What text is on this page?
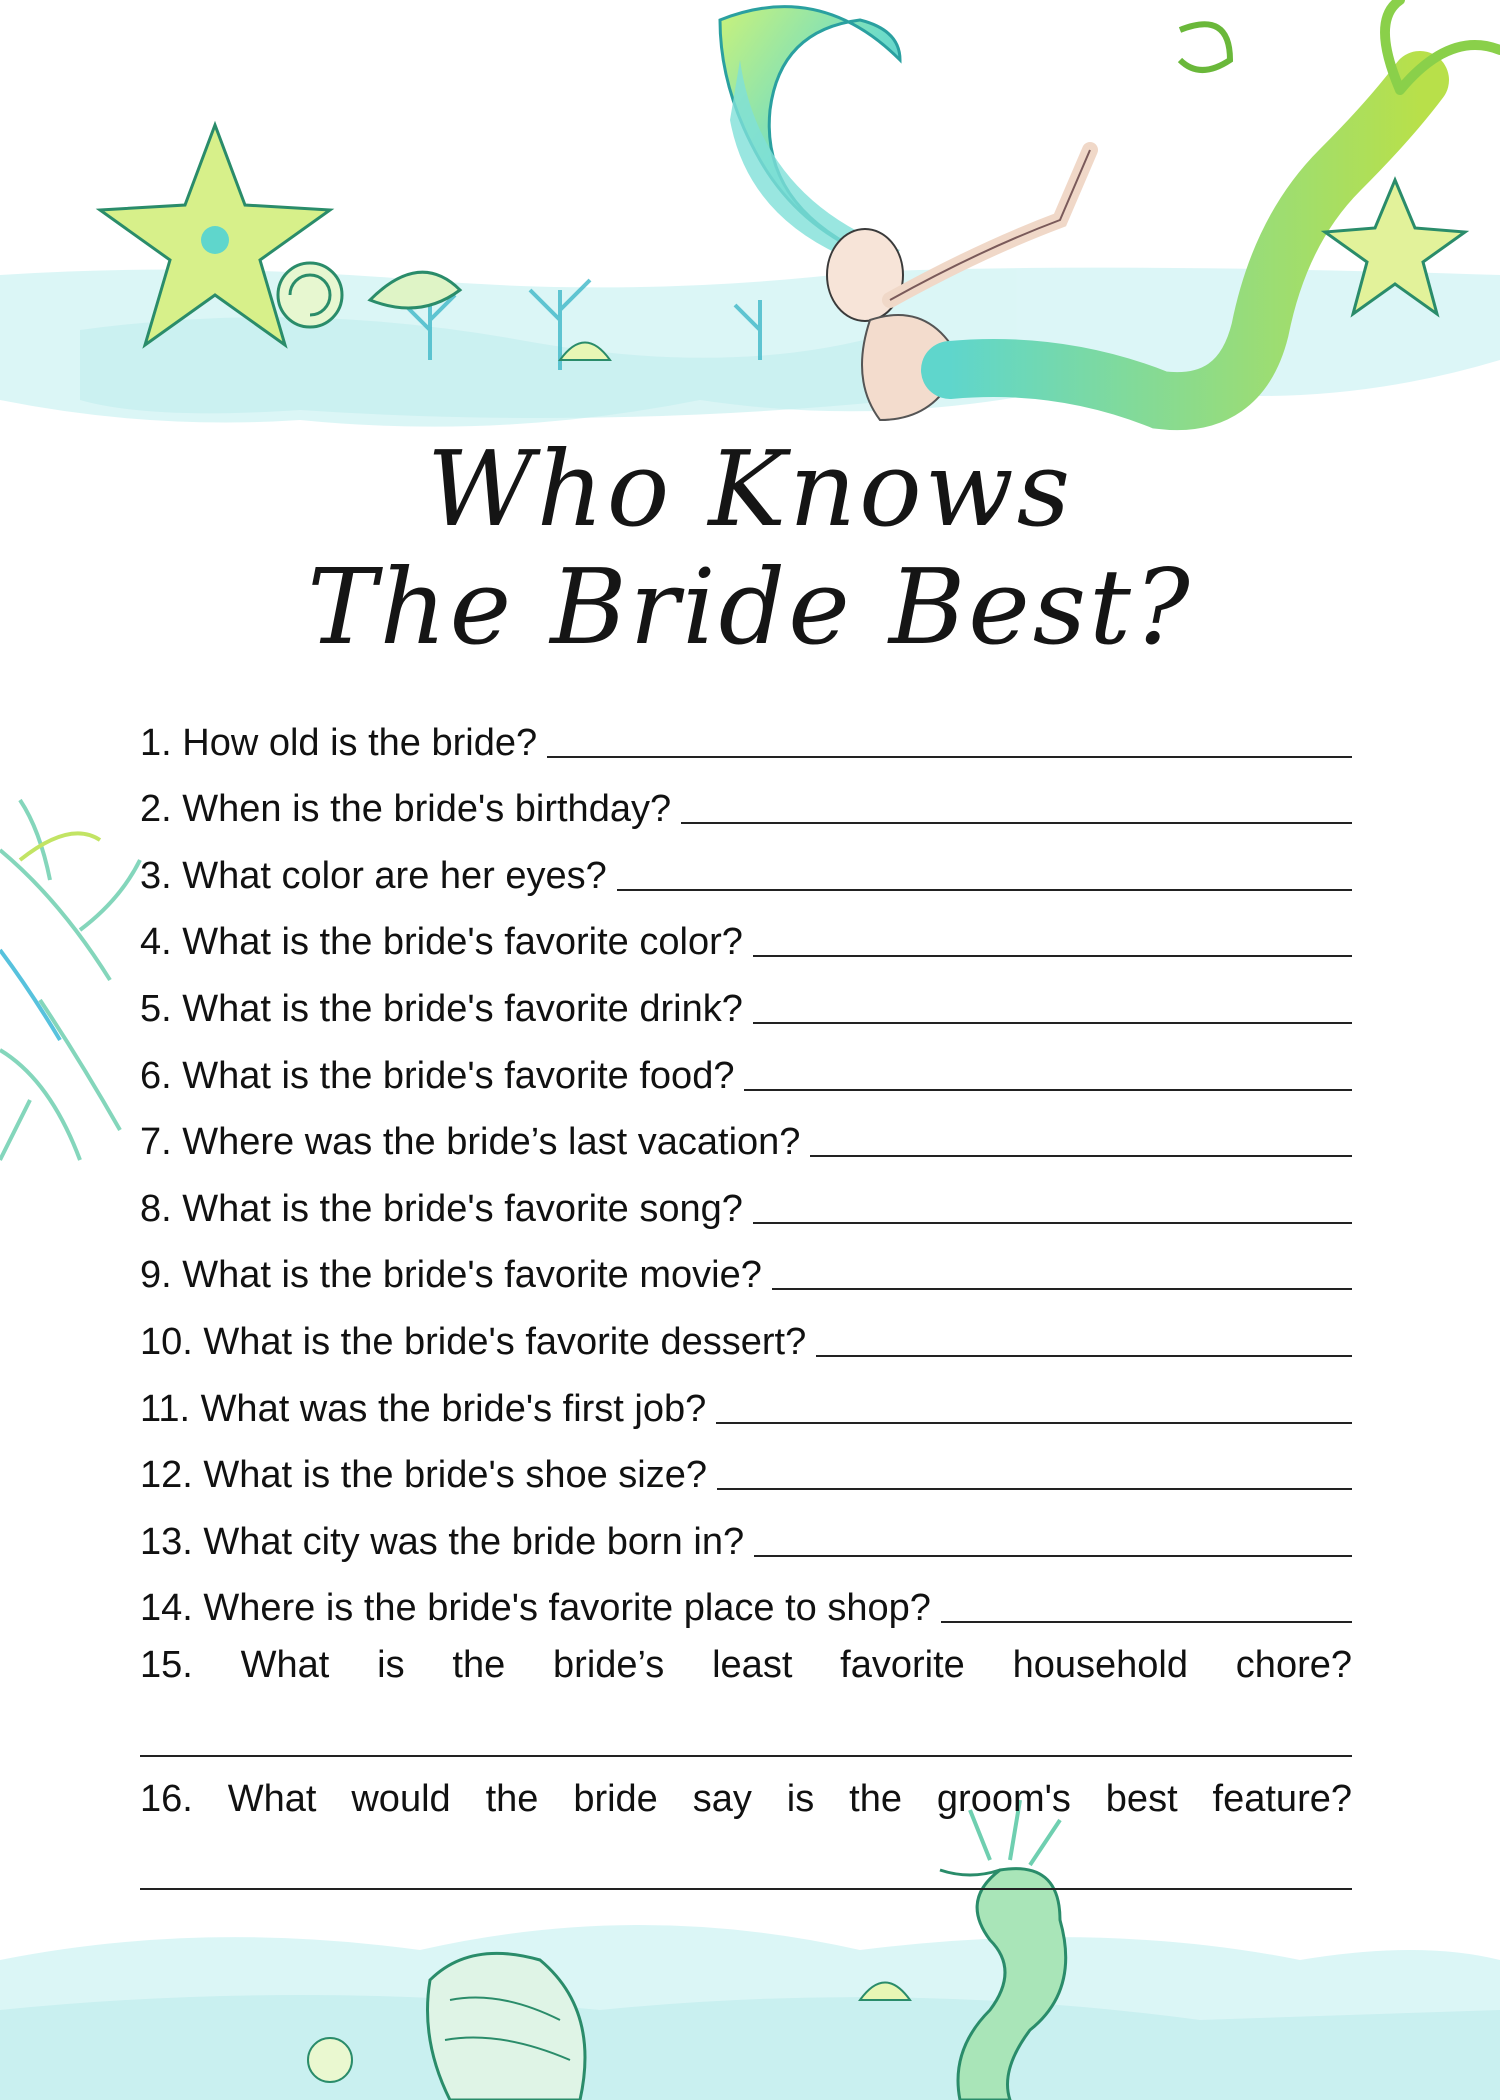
Who Knows
The Bride Best?
1. How old is the bride?
2. When is the bride's birthday?
3. What color are her eyes?
4. What is the bride's favorite color?
5. What is the bride's favorite drink?
6. What is the bride's favorite food?
7. Where was the bride’s last vacation?
8. What is the bride's favorite song?
9. What is the bride's favorite movie?
10. What is the bride's favorite dessert?
11. What was the bride's first job?
12. What is the bride's shoe size?
13. What city was the bride born in?
14. Where is the bride's favorite place to shop?
15. What is the bride’s least favorite household chore?
16. What would the bride say is the groom's best feature?
